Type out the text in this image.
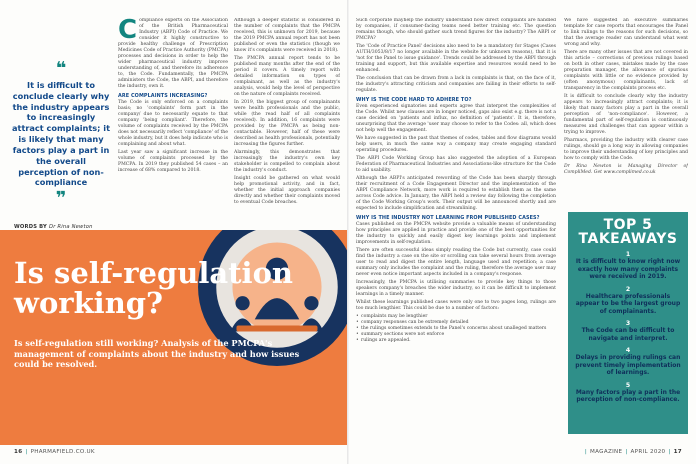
❝
It is difficult to conclude clearly why the industry appears to increasingly attract complaints; it is likely that many factors play a part in the overall perception of non-compliance
❞
WORDS BY Dr Rina Newton

Compliance experts on the Association of the British Pharmaceutical Industry (ABPI) Code of Practice. We consider it highly constructive to provide healthy challenge of Prescription Medicines Code of Practice Authority (PMCPA) processes and decisions in order to help the wider pharmaceutical industry improve understanding of, and therefore its adherence to, the Code. Fundamentally, the PMCPA administers the Code, the ABPI, and therefore the industry, own it.

ARE COMPLAINTS INCREASING?

The Code is only enforced on a complaints basis; no 'complaints' form part in the company/ due to necessarily equate to that company 'being compliant'. Therefore, the volume of complaints received by the PMCPA does not necessarily reflect 'compliance' of the whole industry, but it does help indicate who is complaining and about what.

Last year saw a significant increase in the volume of complaints processed by the PMCPA. In 2019 they published 54 cases – an increase of 68% compared to 2018.

Although a deeper statistic is considered in the number of complaints that the PMCPA received, this is unknown for 2019, because the 2019 PMCPA annual report has not been published or even the statistics (though we know it's complaints were received in 2018).

The PMCPA annual report tends to be published many months after the end of the period it covers. A timely report with detailed information on types of complainant, as well as the industry's analysis, would help the level of perspective on the nature of complaints received.

In 2019, the biggest group of complainants were health professionals and the public, while (the read half of all complaints received). In addition, 16 complaints were provided by the PMCPA as being non-contactable. However, half of these were described as health professionals, potentially increasing the figures further.

Alarmingly, this demonstrates that increasingly the industry's own key stakeholder is compelled to complain about the industry's conduct.

Insight could be gathered on what would help promotional activity, and in fact, whether the initial approach companies directly and whether their complaints moved to eventual Code breaches.

Is self-regulation working?
Is self-regulation still working? Analysis of the PMCPA's management of complaints about the industry and how issues could be resolved.
16 | PHARMAFIELD.CO.UK

Such corporate mayhelp the industry understand how direct complaints are handled by companies, if consumer-facing teams need better training etc. The question remains though, who should gather such trend figures for the industry? The ABPI or PMCPA?

The 'Code of Practice Panel' decisions also need to be a mandatory for Stages (Cases AUTH/3053/8/17 no longer available in the website for unknown reasons), that it is 'not for the Panel to issue guidance'. Trends could be addressed by the ABPI through training and support, but this available expertise and resources would need to be enhanced.

The conclusion that can be drawn from a lack in complaints is that, on the face of it, the industry's attracting criticism and companies are failing in their efforts to self-regulate.

WHY IS THE CODE HARD TO ADHERE TO?

Even experienced signatories and experts agree that interpret the complexities of the Code. Whilst new clauses are in longer noticed, gaps also exist e.g. there is not a case decided on 'patients and influx, no definition of 'patients'. It is, therefore, unsurprising that the average 'user may choose to refer to the Codes: all, which does not help well the engagement.

We have suggested in the past that themes of codes, tables and flow diagrams would help users, in much the same way a company may create engaging standard operating procedures.

The ABPI Code Working Group has also suggested the adoption of a European Federation of Pharmaceutical Industries and Associations-like structure for the Code to aid usability.

Although the ABPI's anticipated rewording of the Code has been sharply through their recruitment of a Code Engagement Director and the implementation of the ABPI Compliance Network, more work is required to establish them as the same across Code advice. In January, the ABPI held a review day following the completion of the Code Working Group's work. Their output will be announced shortly and are expected to include simplification and streamlining.

WHY IS THE INDUSTRY NOT LEARNING FROM PUBLISHED CASES?

Cases published on the PMCPA website provide a valuable means of understanding how principles are applied in practice and provide one of the best opportunities for the industry to quickly and easily digest key learnings points and implement improvements in self-regulation.

There are often successful ideas simply reading the Code but currently, case could find the industry a case on the site or scrolling can take several hours from average user to read and digest the entire length, language used and repetition; a case summary only includes the complaint and the ruling, therefore the average user may never even notice important aspects included in a company's response.

Increasingly, the PMCPA is utilising summaries to provide key things to those speakers company's breaches the wider industry, so it can be difficult to implement learnings in a timely manner.

Whilst these learnings published cases were only one to two pages long, rulings are too much lengthier. This could be due to a number of factors:

• complaints may be lengthier
• company responses can be extremely detailed
• the rulings sometimes extends to the Panel's concerns about unalleged matters
• summary sections were not enforce
• rulings are appealed.

We have suggested an executive summaries template for case reports that encourages the Panel to link rulings to the reasons for such decisions, so that the average reader can understand what went wrong and why.

There are many other issues that are not covered in this article – corrections of previous rulings based on both in other cases, mistakes made by the case preparation manager, the allowance of spurious complaints with little or no evidence provided by (often anonymous) complainants, lack of transparency in the complaints process etc.

It is difficult to conclude clearly why the industry appears to increasingly attract complaints; it is likely that many factors play a part in the overall perception of 'non-compliance'. However, a fundamental part of self-regulation is continuously measures and challenges that can appear within a trying to improve.

Pharmacs, providing the industry with clearer case rulings, should go a long way in allowing companies to improve their understanding of key principles and how to comply with the Code.

Dr Rina Newton is Managing Director of CompliMed. Get www.complimed.co.uk

TOP 5 TAKEAWAYS
1
It is difficult to know right now exactly how many complaints were received in 2019.
2
Healthcare professionals appear to be the largest group of complainants.
3
The Code can be difficult to navigate and interpret.
4
Delays in providing rulings can prevent timely implementation of learnings.
5
Many factors play a part in the perception of non-compliance.
| MAGAZINE | APRIL 2020 | 17
